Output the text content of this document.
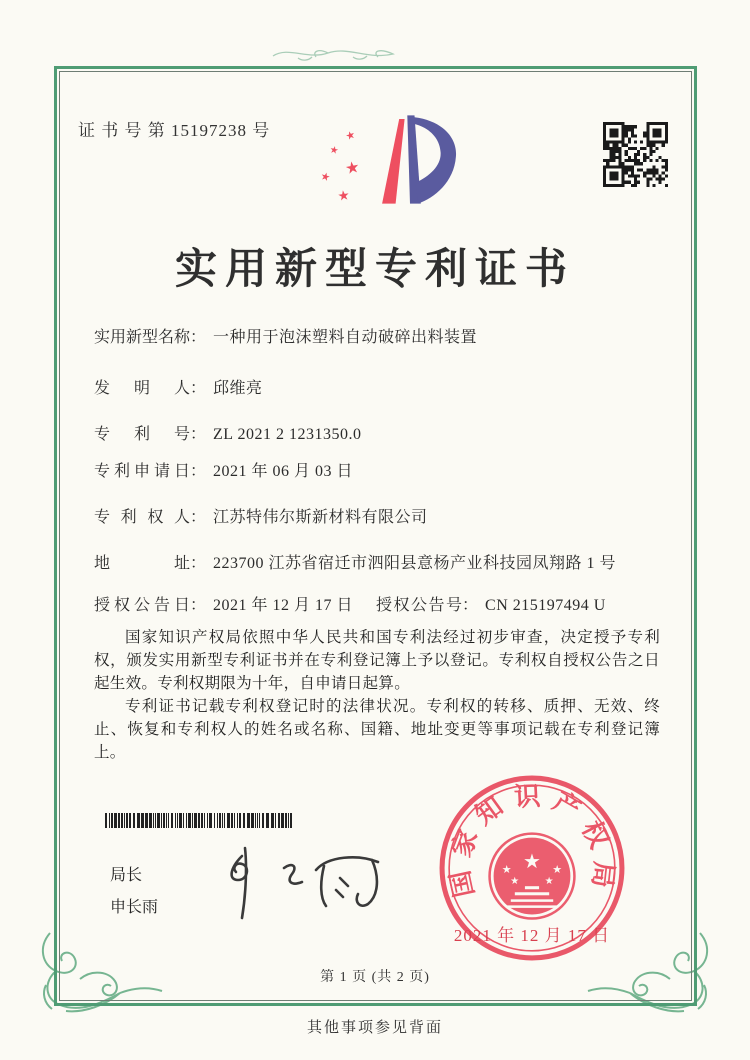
证 书 号 第 15197238 号	★
★
★
★
★
实用新型专利证书
实用新型名称： 一种用于泡沫塑料自动破碎出料装置
发明人： 邱维亮
专利号： ZL 2021 2 1231350.0
专利申请日： 2021 年 06 月 03 日
专利权人： 江苏特伟尔斯新材料有限公司
地址： 223700 江苏省宿迁市泗阳县意杨产业科技园凤翔路 1 号
授权公告日： 2021 年 12 月 17 日 授权公告号： CN 215197494 U

国家知识产权局依照中华人民共和国专利法经过初步审查，决定授予专利权，颁发实用新型专利证书并在专利登记簿上予以登记。专利权自授权公告之日起生效。专利权期限为十年，自申请日起算。

专利证书记载专利权登记时的法律状况。专利权的转移、质押、无效、终止、恢复和专利权人的姓名或名称、国籍、地址变更等事项记载在专利登记簿上。

局长
申长雨
国家知识产权局
★
★	★
★	★
2021 年 12 月 17 日
第 1 页 (共 2 页)
其他事项参见背面
